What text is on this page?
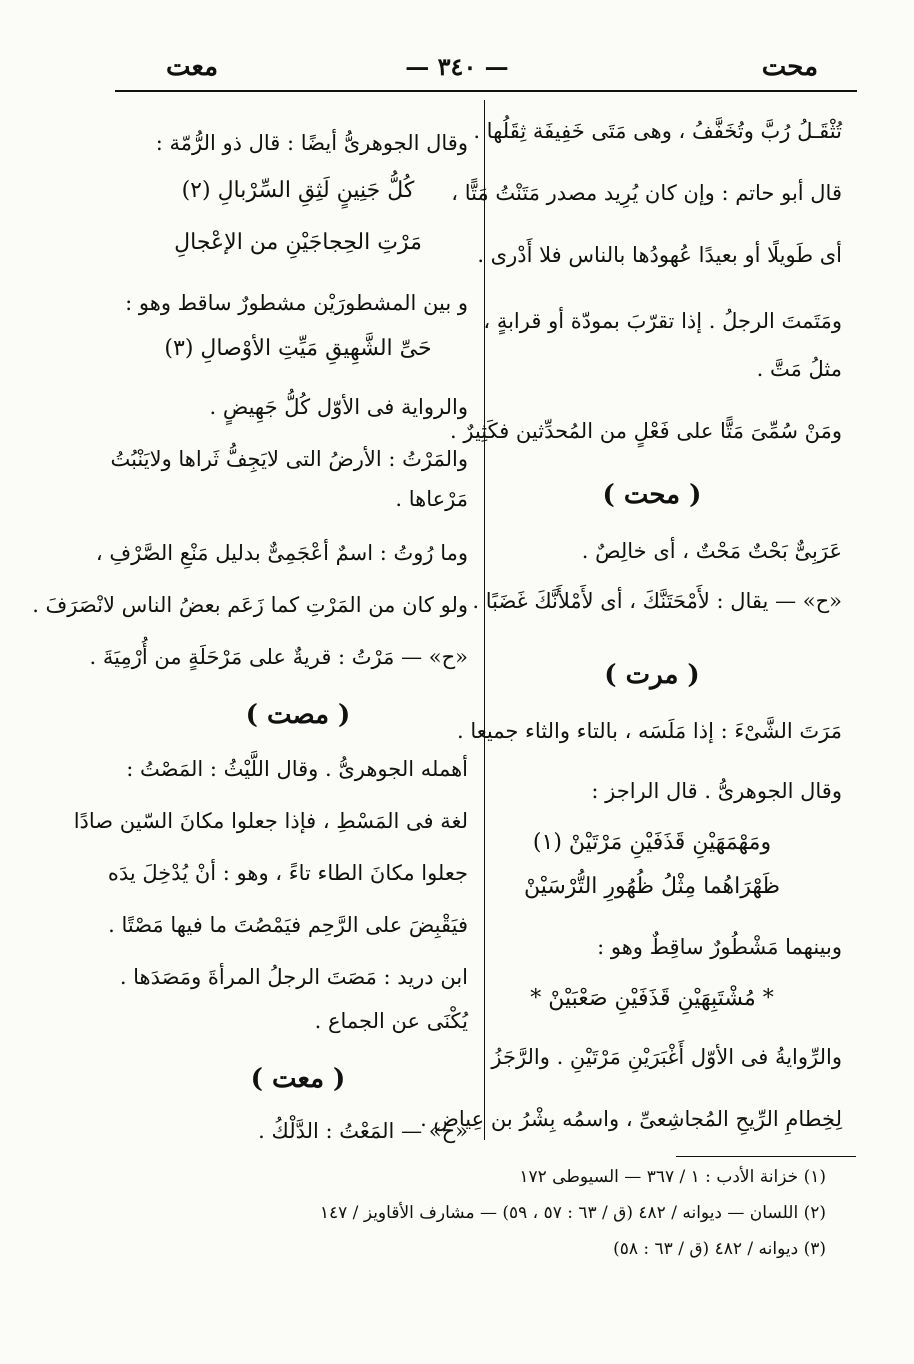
محت
— ٣٤٠ —
معت
تُثْقَـلُ رُبَّ وتُخَفَّفُ ، وهى مَتَى خَفِيفَة ثِقَلُها .
قال أبو حاتم : وإن كان يُرِيد مصدر مَتَنْتُ مَتًّا ،
أى طَويلًا أو بعيدًا عُهودُها بالناس فلا أَدْرى .
ومَتَمتَ الرجلُ . إذا تقرّبَ بمودّة أو قرابةٍ ،
مثلُ مَتَّ .
ومَنْ سُمِّىَ مَتًّا على فَعْلٍ من المُحدِّثين فكَثِيرٌ .
( محت )
عَرَبِىٌّ بَحْتٌ مَحْتٌ ، أى خالِصٌ .
«ح» — يقال : لأَمْحَتَنَّكَ ، أى لأَمْلأَنَّكَ غَضَبًا .
( مرت )
مَرَتَ الشَّىْءَ : إذا مَلَسَه ، بالتاء والثاء جميعا .
وقال الجوهرىُّ . قال الراجز :
ومَهْمَهَيْنِ قَذَفَيْنِ مَرْتَيْنْ (١)
ظَهْرَاهُما مِثْلُ ظُهُورِ التُّرْسَيْنْ
وبينهما مَشْطُورٌ ساقِطٌ وهو :
* مُشْتَبِهَيْنِ قَذَفَيْنِ صَعْبَيْنْ *
والرِّوايةُ فى الأوّل أَغْبَرَيْنِ مَرْتَيْنِ . والرَّجَزُ
لِخِطامِ الرِّيحِ المُجاشِعىِّ ، واسمُه بِشْرُ بن عِياض .
وقال الجوهرىُّ أيضًا : قال ذو الرُّمّة :
كُلُّ جَنِينٍ لَثِقِ السِّرْبالِ (٢)
مَرْتِ الحِجاجَيْنِ من الإعْجالِ
و بين المشطورَيْن مشطورٌ ساقط وهو :
حَىِّ الشَّهِيقِ مَيِّتِ الأوْصالِ (٣)
والرواية فى الأوّل كُلُّ جَهِيضٍ .
والمَرْتُ : الأرضُ التى لايَجِفُّ ثَراها ولايَنْبُتُ
مَرْعاها .
وما رُوتُ : اسمٌ أعْجَمِىٌّ بدليل مَنْعِ الصَّرْفِ ،
ولو كان من المَرْتِ كما زَعَم بعضُ الناس لانْصَرَفَ .
«ح» — مَرْتُ : قريةٌ على مَرْحَلَةٍ من أُرْمِيَةَ .
( مصت )
أهمله الجوهرىُّ . وقال اللَّيْثُ : المَصْتُ :
لغة فى المَسْطِ ، فإذا جعلوا مكانَ السّين صادًا
جعلوا مكانَ الطاء تاءً ، وهو : أنْ يُدْخِلَ يدَه
فيَقْبِضَ على الرَّحِم فيَمْصُتَ ما فيها مَصْتًا .
ابن دريد : مَصَتَ الرجلُ المرأةَ ومَصَدَها .
يُكْنَى عن الجماع .
( معت )
«ح» — المَعْتُ : الدَّلْكُ .
(١) خزانة الأدب : ١ / ٣٦٧ — السيوطى ١٧٢
(٢) اللسان — ديوانه / ٤٨٢ (ق / ٦٣ : ٥٧ ، ٥٩) — مشارف الأقاويز / ١٤٧
(٣) ديوانه / ٤٨٢ (ق / ٦٣ : ٥٨)
